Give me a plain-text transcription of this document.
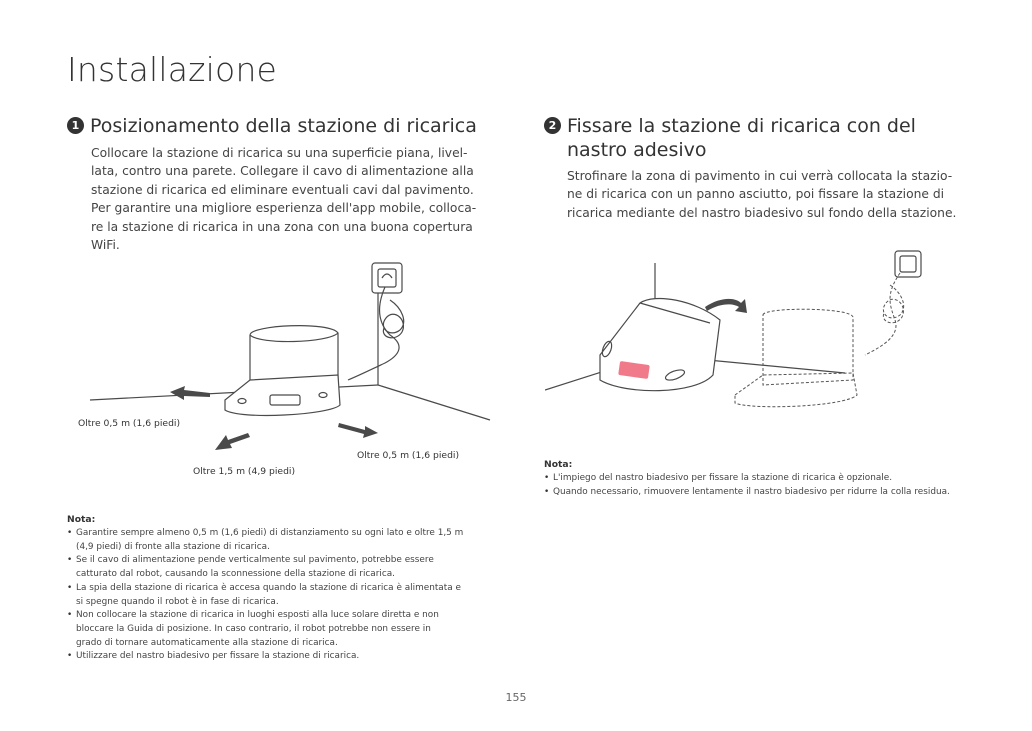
Installazione
1 Posizionamento della stazione di ricarica
Collocare la stazione di ricarica su una superficie piana, livel-
lata, contro una parete. Collegare il cavo di alimentazione alla
stazione di ricarica ed eliminare eventuali cavi dal pavimento.
Per garantire una migliore esperienza dell'app mobile, colloca-
re la stazione di ricarica in una zona con una buona copertura
WiFi.
Oltre 0,5 m (1,6 piedi)
Oltre 0,5 m (1,6 piedi)
Oltre 1,5 m (4,9 piedi)
Nota:
• Garantire sempre almeno 0,5 m (1,6 piedi) di distanziamento su ogni lato e oltre 1,5 m
(4,9 piedi) di fronte alla stazione di ricarica.
• Se il cavo di alimentazione pende verticalmente sul pavimento, potrebbe essere
catturato dal robot, causando la sconnessione della stazione di ricarica.
• La spia della stazione di ricarica è accesa quando la stazione di ricarica è alimentata e
si spegne quando il robot è in fase di ricarica.
• Non collocare la stazione di ricarica in luoghi esposti alla luce solare diretta e non
bloccare la Guida di posizione. In caso contrario, il robot potrebbe non essere in
grado di tornare automaticamente alla stazione di ricarica.
• Utilizzare del nastro biadesivo per fissare la stazione di ricarica.
2 Fissare la stazione di ricarica con del
nastro adesivo
Strofinare la zona di pavimento in cui verrà collocata la stazio-
ne di ricarica con un panno asciutto, poi fissare la stazione di
ricarica mediante del nastro biadesivo sul fondo della stazione.
Nota:
• L'impiego del nastro biadesivo per fissare la stazione di ricarica è opzionale.
• Quando necessario, rimuovere lentamente il nastro biadesivo per ridurre la colla residua.
155
